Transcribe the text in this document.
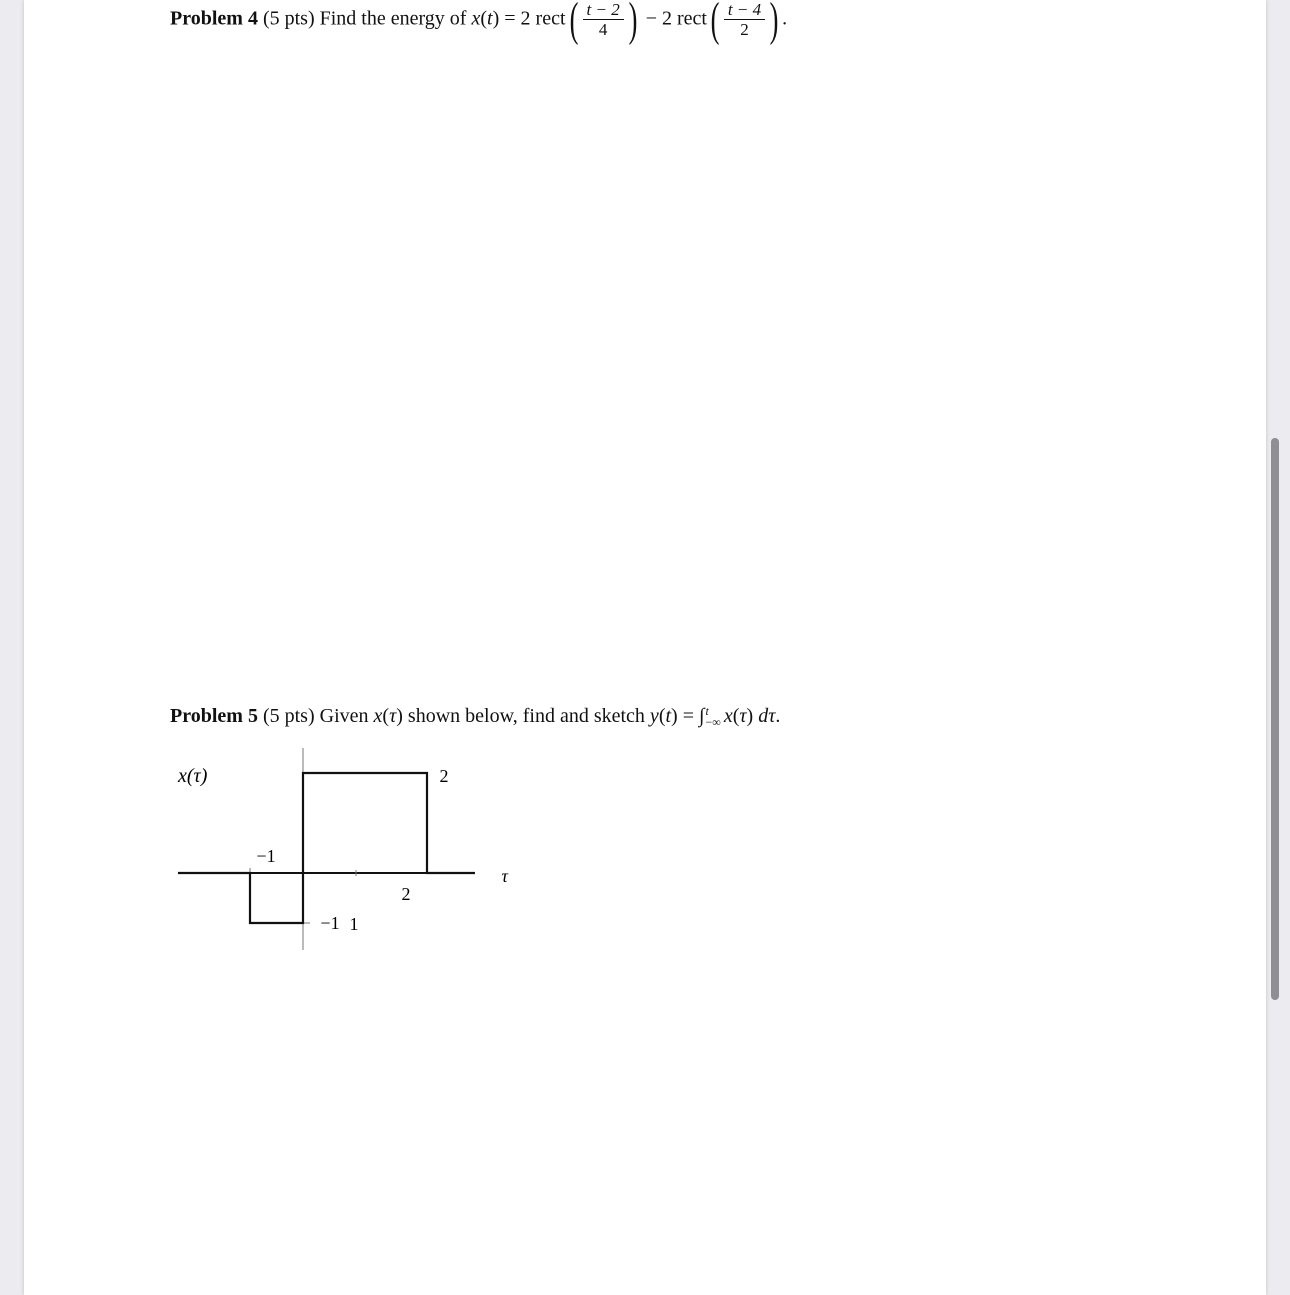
Problem 4 (5 pts) Find the energy of x(t) = 2 rect( $\frac{t - 2}{4}$ ) − 2 rect( $\frac{t - 4}{2}$ ) .
Problem 5 (5 pts) Given x(τ) shown below, find and sketch y(t) = ∫ t
−∞ x(τ) dτ.
x(τ)
τ
2
−1
1
2
−1
